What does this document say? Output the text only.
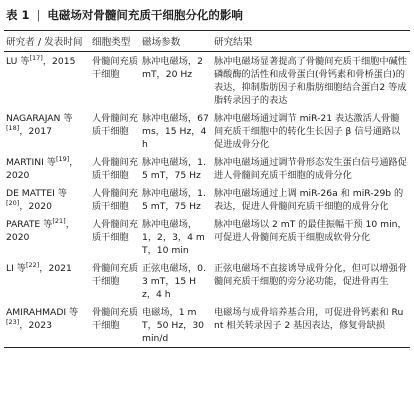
表 1 | 电磁场对骨髓间充质干细胞分化的影响
研究者 / 发表时间	细胞类型	磁场参数	研究结果
LU 等[17]，2015	骨髓间充质干细胞	脉冲电磁场，2 mT，20 Hz	脉冲电磁场显著提高了骨髓间充质干细胞中碱性磷酸酶的活性和成骨蛋白(骨钙素和骨桥蛋白)的表达，抑制脂肪因子和脂肪细胞结合蛋白2 等成脂转录因子的表达
NAGARAJAN 等[18]，2017	人骨髓间充质干细胞	脉冲电磁场，67 ms，15 Hz，4 h	脉冲电磁场通过调节 miR-21 表达激活人骨髓间充质干细胞中的转化生长因子 β 信号通路以促进成骨分化
MARTINI 等[19]，2020	人骨髓间充质干细胞	脉冲电磁场，1.5 mT，75 Hz	脉冲电磁场通过调节骨形态发生蛋白信号通路促进人骨髓间充质干细胞的成骨分化
DE MATTEI 等[20]，2020	人骨髓间充质干细胞	脉冲电磁场，1.5 mT，75 Hz	脉冲电磁场通过上调 miR-26a 和 miR-29b 的表达，促进人骨髓间充质干细胞的成骨分化
PARATE 等[21]，2020	人骨髓间充质干细胞	脉冲电磁场，1，2，3，4 mT，10 min	脉冲电磁场以 2 mT 的最佳振幅干预 10 min，可促进人骨髓间充质干细胞成软骨分化
LI 等[22]，2021	骨髓间充质干细胞	正弦电磁场，0.3 mT，15 Hz，4 h	正弦电磁场不直接诱导成骨分化，但可以增强骨髓间充质干细胞的旁分泌功能，促进骨再生
AMIRAHMADI 等[23]，2023	骨髓间充质干细胞	电磁场，1 mT，50 Hz，30 min/d	电磁场与成骨培养基合用，可促进骨钙素和 Runt 相关转录因子 2 基因表达，修复骨缺损
